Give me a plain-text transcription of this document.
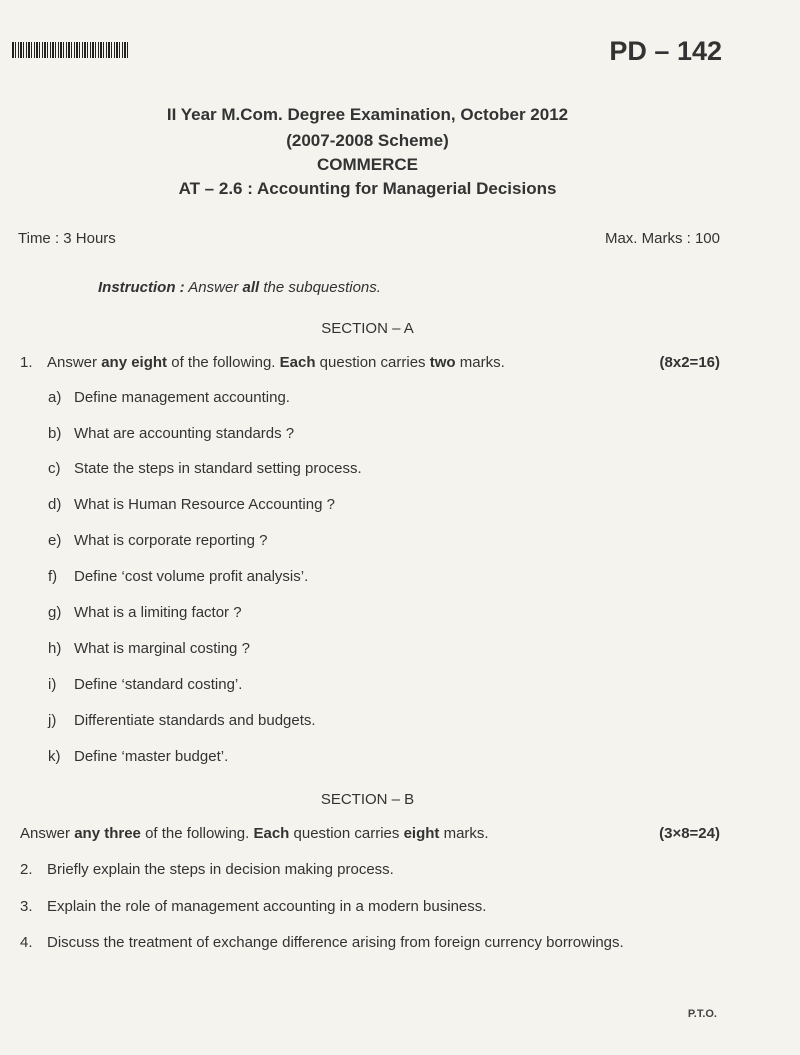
PD – 142
II Year M.Com. Degree Examination, October 2012
(2007-2008 Scheme)
COMMERCE
AT – 2.6 : Accounting for Managerial Decisions
Time : 3 Hours	Max. Marks : 100
Instruction : Answer all the subquestions.
SECTION – A
1. Answer any eight of the following. Each question carries two marks.	(8x2=16)
a) Define management accounting.
b) What are accounting standards ?
c) State the steps in standard setting process.
d) What is Human Resource Accounting ?
e) What is corporate reporting ?
f) Define ‘cost volume profit analysis’.
g) What is a limiting factor ?
h) What is marginal costing ?
i) Define ‘standard costing’.
j) Differentiate standards and budgets.
k) Define ‘master budget’.
SECTION – B
Answer any three of the following. Each question carries eight marks.	(3×8=24)
2. Briefly explain the steps in decision making process.
3. Explain the role of management accounting in a modern business.
4. Discuss the treatment of exchange difference arising from foreign currency borrowings.
P.T.O.
